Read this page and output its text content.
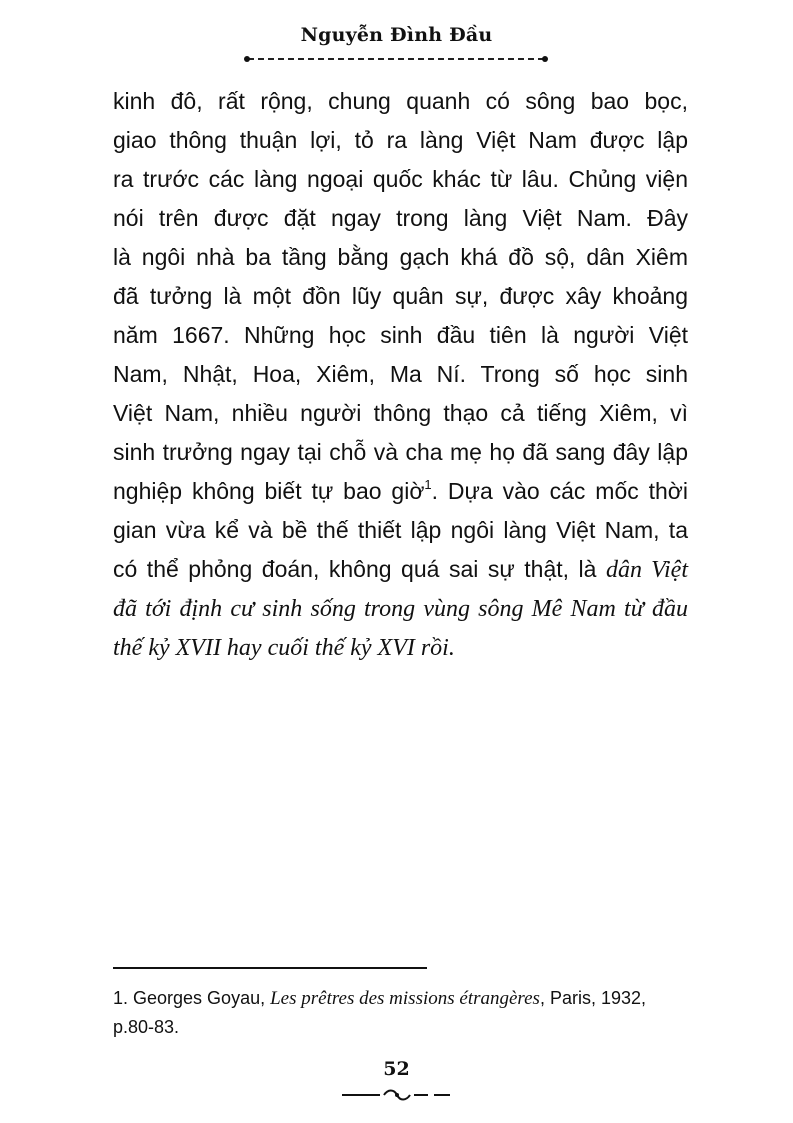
Nguyễn Đình Đầu
kinh đô, rất rộng, chung quanh có sông bao bọc,
giao thông thuận lợi, tỏ ra làng Việt Nam được lập
ra trước các làng ngoại quốc khác từ lâu. Chủng viện
nói trên được đặt ngay trong làng Việt Nam. Đây
là ngôi nhà ba tầng bằng gạch khá đồ sộ, dân Xiêm
đã tưởng là một đồn lũy quân sự, được xây khoảng
năm 1667. Những học sinh đầu tiên là người Việt
Nam, Nhật, Hoa, Xiêm, Ma Ní. Trong số học sinh
Việt Nam, nhiều người thông thạo cả tiếng Xiêm, vì
sinh trưởng ngay tại chỗ và cha mẹ họ đã sang đây lập
nghiệp không biết tự bao giờ$^1$. Dựa vào các mốc thời
gian vừa kể và bề thế thiết lập ngôi làng Việt Nam, ta
có thể phỏng đoán, không quá sai sự thật, là dân Việt
đã tới định cư sinh sống trong vùng sông Mê Nam từ đầu
thế kỷ XVII hay cuối thế kỷ XVI rồi.
1. Georges Goyau, Les prêtres des missions étrangères, Paris, 1932,
p.80-83.
52
